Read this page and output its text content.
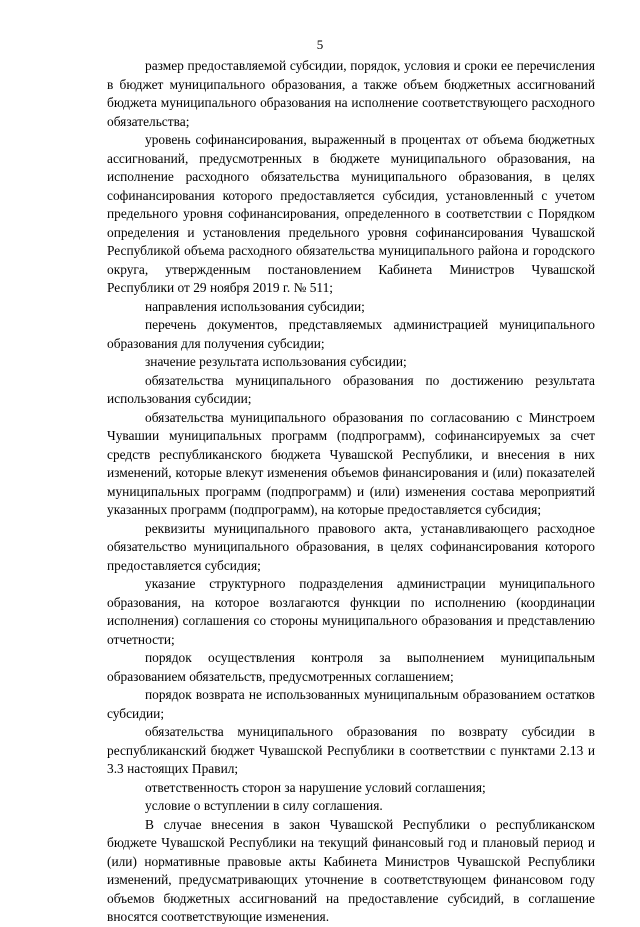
5

размер предоставляемой субсидии, порядок, условия и сроки ее перечисления в бюджет муниципального образования, а также объем бюджетных ассигнований бюджета муниципального образования на исполнение соответствующего расходного обязательства;

уровень софинансирования, выраженный в процентах от объема бюджетных ассигнований, предусмотренных в бюджете муниципального образования, на исполнение расходного обязательства муниципального образования, в целях софинансирования которого предоставляется субсидия, установленный с учетом предельного уровня софинансирования, определенного в соответствии с Порядком определения и установления предельного уровня софинансирования Чувашской Республикой объема расходного обязательства муниципального района и городского округа, утвержденным постановлением Кабинета Министров Чувашской Республики от 29 ноября 2019 г. № 511;

направления использования субсидии;

перечень документов, представляемых администрацией муниципального образования для получения субсидии;

значение результата использования субсидии;

обязательства муниципального образования по достижению результата использования субсидии;

обязательства муниципального образования по согласованию с Минстроем Чувашии муниципальных программ (подпрограмм), софинансируемых за счет средств республиканского бюджета Чувашской Республики, и внесения в них изменений, которые влекут изменения объемов финансирования и (или) показателей муниципальных программ (подпрограмм) и (или) изменения состава мероприятий указанных программ (подпрограмм), на которые предоставляется субсидия;

реквизиты муниципального правового акта, устанавливающего расходное обязательство муниципального образования, в целях софинансирования которого предоставляется субсидия;

указание структурного подразделения администрации муниципального образования, на которое возлагаются функции по исполнению (координации исполнения) соглашения со стороны муниципального образования и представлению отчетности;

порядок осуществления контроля за выполнением муниципальным образованием обязательств, предусмотренных соглашением;

порядок возврата не использованных муниципальным образованием остатков субсидии;

обязательства муниципального образования по возврату субсидии в республиканский бюджет Чувашской Республики в соответствии с пунктами 2.13 и 3.3 настоящих Правил;

ответственность сторон за нарушение условий соглашения;

условие о вступлении в силу соглашения.

В случае внесения в закон Чувашской Республики о республиканском бюджете Чувашской Республики на текущий финансовый год и плановый период и (или) нормативные правовые акты Кабинета Министров Чувашской Республики изменений, предусматривающих уточнение в соответствующем финансовом году объемов бюджетных ассигнований на предоставление субсидий, в соглашение вносятся соответствующие изменения.
